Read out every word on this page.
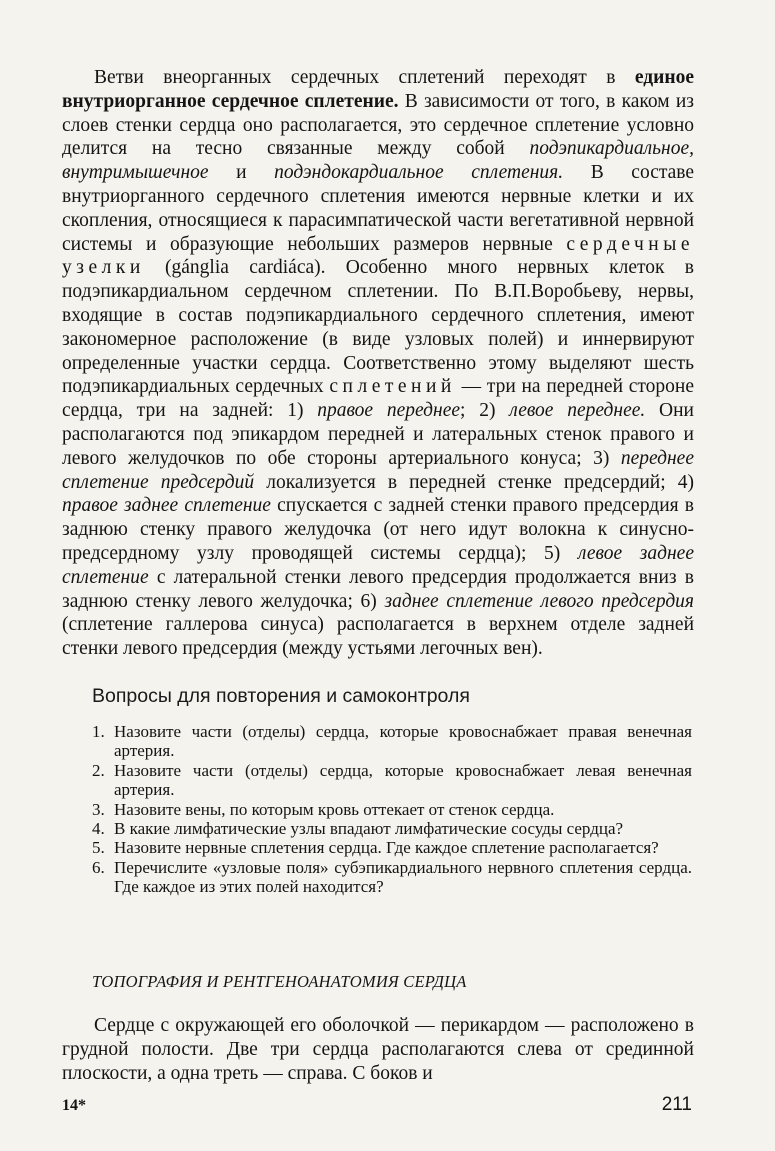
Ветви внеорганных сердечных сплетений переходят в единое внутриорганное сердечное сплетение. В зависимости от того, в каком из слоев стенки сердца оно располагается, это сердечное сплетение условно делится на тесно связанные между собой подэпикардиальное, внутримышечное и подэндокардиальное сплетения. В составе внутриорганного сердечного сплетения имеются нервные клетки и их скопления, относящиеся к парасимпатической части вегетативной нервной системы и образующие небольших размеров нервные сердечные узелки (gánglia cardiáca). Особенно много нервных клеток в подэпикардиальном сердечном сплетении. По В.П.Воробьеву, нервы, входящие в состав подэпикардиального сердечного сплетения, имеют закономерное расположение (в виде узловых полей) и иннервируют определенные участки сердца. Соответственно этому выделяют шесть подэпикардиальных сердечных сплетений — три на передней стороне сердца, три на задней: 1) правое переднее; 2) левое переднее. Они располагаются под эпикардом передней и латеральных стенок правого и левого желудочков по обе стороны артериального конуса; 3) переднее сплетение предсердий локализуется в передней стенке предсердий; 4) правое заднее сплетение спускается с задней стенки правого предсердия в заднюю стенку правого желудочка (от него идут волокна к синусно-предсердному узлу проводящей системы сердца); 5) левое заднее сплетение с латеральной стенки левого предсердия продолжается вниз в заднюю стенку левого желудочка; 6) заднее сплетение левого предсердия (сплетение галлерова синуса) располагается в верхнем отделе задней стенки левого предсердия (между устьями легочных вен).

Вопросы для повторения и самоконтроля
1. Назовите части (отделы) сердца, которые кровоснабжает правая венечная артерия.
2. Назовите части (отделы) сердца, которые кровоснабжает левая венечная артерия.
3. Назовите вены, по которым кровь оттекает от стенок сердца.
4. В какие лимфатические узлы впадают лимфатические сосуды сердца?
5. Назовите нервные сплетения сердца. Где каждое сплетение располагается?
6. Перечислите «узловые поля» субэпикардиального нервного сплетения сердца. Где каждое из этих полей находится?
ТОПОГРАФИЯ И РЕНТГЕНОАНАТОМИЯ СЕРДЦА

Сердце с окружающей его оболочкой — перикардом — расположено в грудной полости. Две три сердца располагаются слева от срединной плоскости, а одна треть — справа. С боков и

14*	211
